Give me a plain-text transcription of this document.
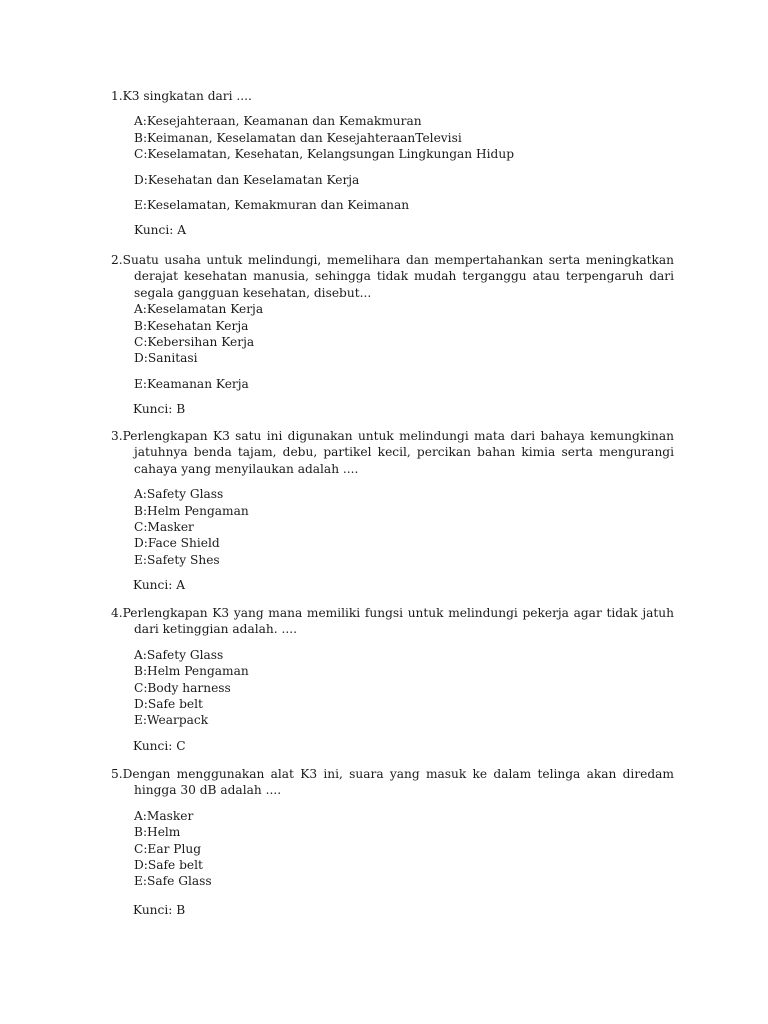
1.K3 singkatan dari ....
A:Kesejahteraan, Keamanan dan Kemakmuran
B:Keimanan, Keselamatan dan KesejahteraanTelevisi
C:Keselamatan, Kesehatan, Kelangsungan Lingkungan Hidup
D:Kesehatan dan Keselamatan Kerja
E:Keselamatan, Kemakmuran dan Keimanan
Kunci: A
2.Suatu usaha untuk melindungi, memelihara dan mempertahankan serta meningkatkan derajat kesehatan manusia, sehingga tidak mudah terganggu atau terpengaruh dari segala gangguan kesehatan, disebut...
A:Keselamatan Kerja
B:Kesehatan Kerja
C:Kebersihan Kerja
D:Sanitasi
E:Keamanan Kerja
Kunci: B
3.Perlengkapan K3 satu ini digunakan untuk melindungi mata dari bahaya kemungkinan jatuhnya benda tajam, debu, partikel kecil, percikan bahan kimia serta mengurangi cahaya yang menyilaukan adalah ....
A:Safety Glass
B:Helm Pengaman
C:Masker
D:Face Shield
E:Safety Shes
Kunci: A
4.Perlengkapan K3 yang mana memiliki fungsi untuk melindungi pekerja agar tidak jatuh dari ketinggian adalah. ....
A:Safety Glass
B:Helm Pengaman
C:Body harness
D:Safe belt
E:Wearpack
Kunci: C
5.Dengan menggunakan alat K3 ini, suara yang masuk ke dalam telinga akan diredam hingga 30 dB adalah ....
A:Masker
B:Helm
C:Ear Plug
D:Safe belt
E:Safe Glass
Kunci: B
